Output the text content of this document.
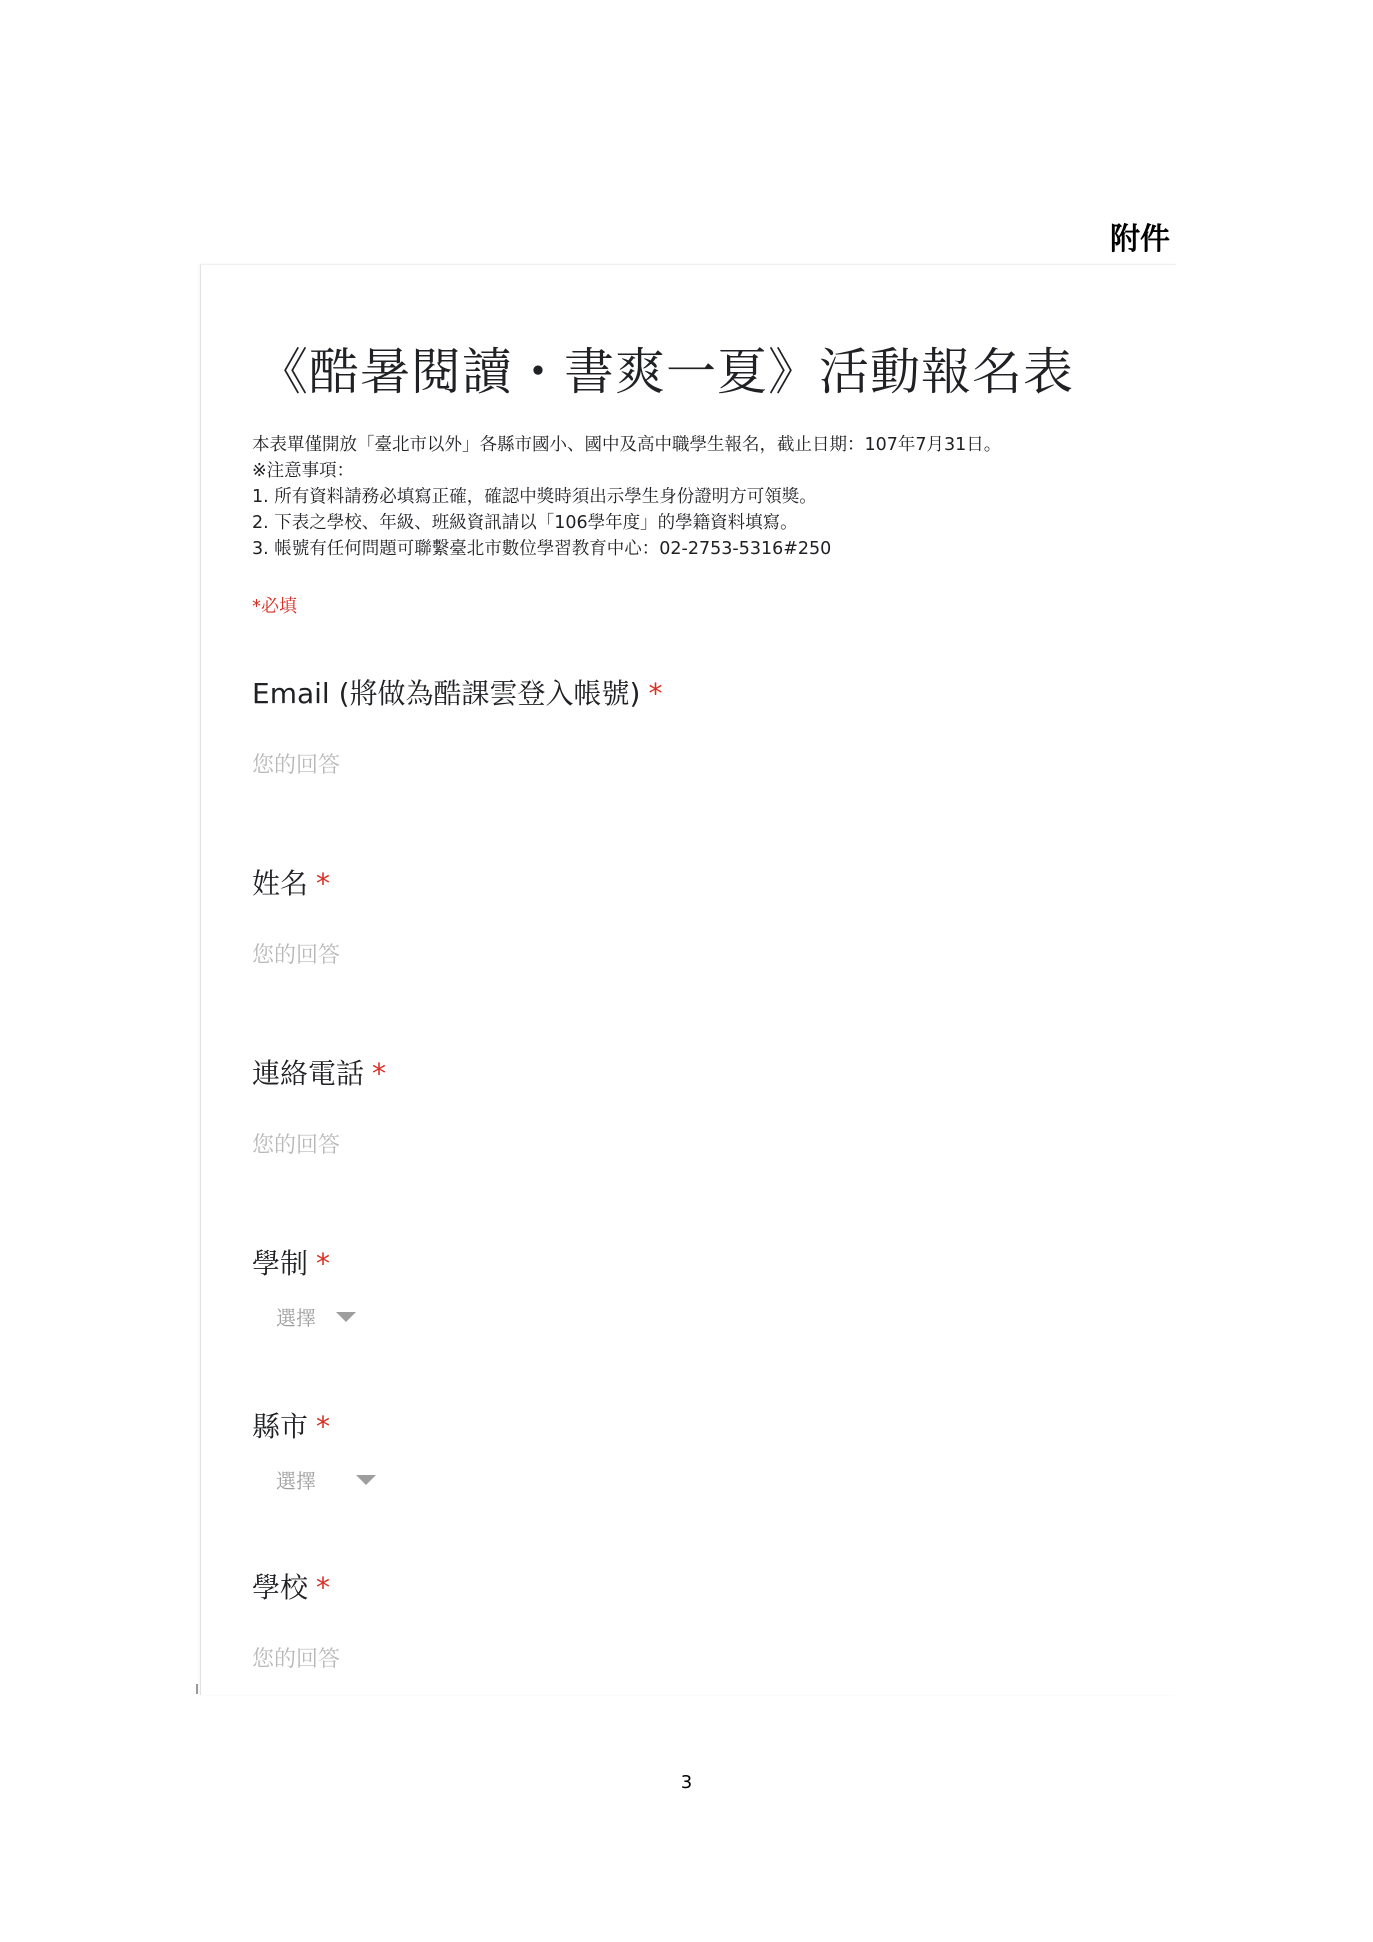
附件
《酷暑閱讀・書爽一夏》活動報名表
本表單僅開放「臺北市以外」各縣市國小、國中及高中職學生報名，截止日期：107年7月31日。
※注意事項：
1. 所有資料請務必填寫正確，確認中獎時須出示學生身份證明方可領獎。
2. 下表之學校、年級、班級資訊請以「106學年度」的學籍資料填寫。
3. 帳號有任何問題可聯繫臺北市數位學習教育中心：02-2753-5316#250
*必填
Email (將做為酷課雲登入帳號) *
您的回答
姓名 *
您的回答
連絡電話 *
您的回答
學制 *
選擇
縣市 *
選擇
學校 *
您的回答
3
